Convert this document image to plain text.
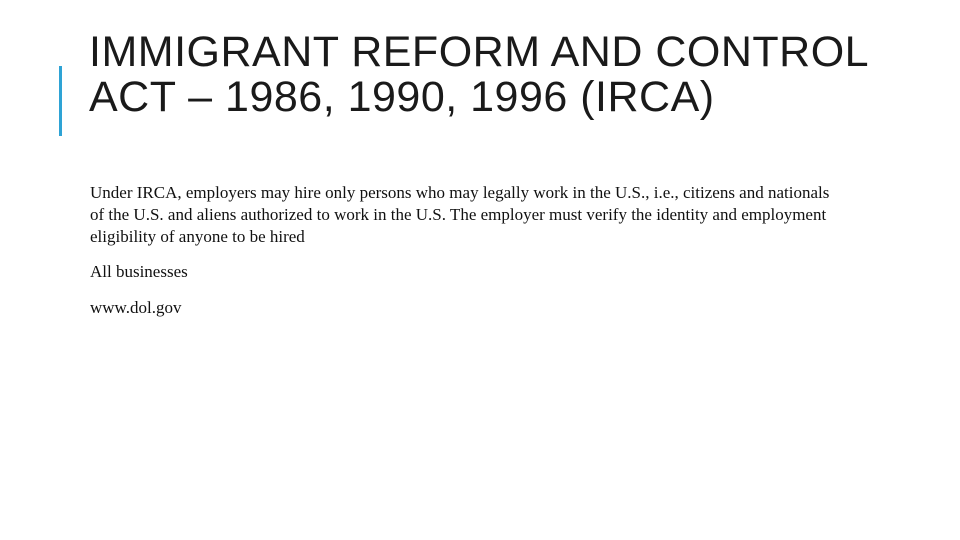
IMMIGRANT REFORM AND CONTROL ACT – 1986, 1990, 1996 (IRCA)

Under IRCA, employers may hire only persons who may legally work in the U.S., i.e., citizens and nationals of the U.S. and aliens authorized to work in the U.S. The employer must verify the identity and employment eligibility of anyone to be hired

All businesses

www.dol.gov
